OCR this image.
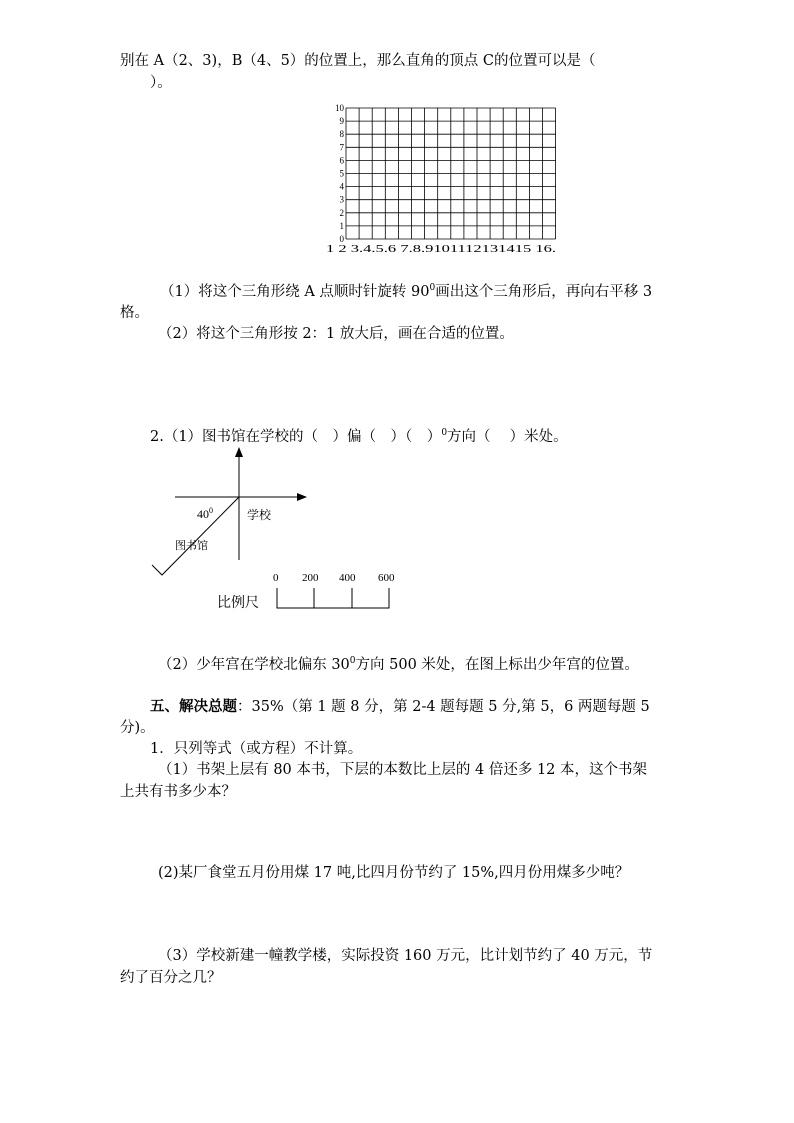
别在 A（2、3)，B（4、5）的位置上，那么直角的顶点 C的位置可以是（
）。
0
1
2
3
4
5
6
7
8
9
10
1 2 3.4.5.6 7.8.9101112131415 16.
（1）将这个三角形绕 A 点顺时针旋转 $90^0$画出这个三角形后，再向右平移 3
格。
（2）将这个三角形按 2：1 放大后，画在合适的位置。
2.（1）图书馆在学校的（　）偏（　）（　）$^0$方向（　 ）米处。
$40^0$	学校
图书馆
0 200 400 600
比例尺
（2）少年宫在学校北偏东 $30^0$方向 500 米处，在图上标出少年宫的位置。
五、解决总题：35%（第 1 题 8 分，第 2-4 题每题 5 分,第 5，6 两题每题 5
分)。
1．只列等式（或方程）不计算。
（1）书架上层有 80 本书，下层的本数比上层的 4 倍还多 12 本，这个书架
上共有书多少本？
(2)某厂食堂五月份用煤 17 吨,比四月份节约了 15%,四月份用煤多少吨？
（3）学校新建一幢教学楼，实际投资 160 万元，比计划节约了 40 万元，节
约了百分之几？
